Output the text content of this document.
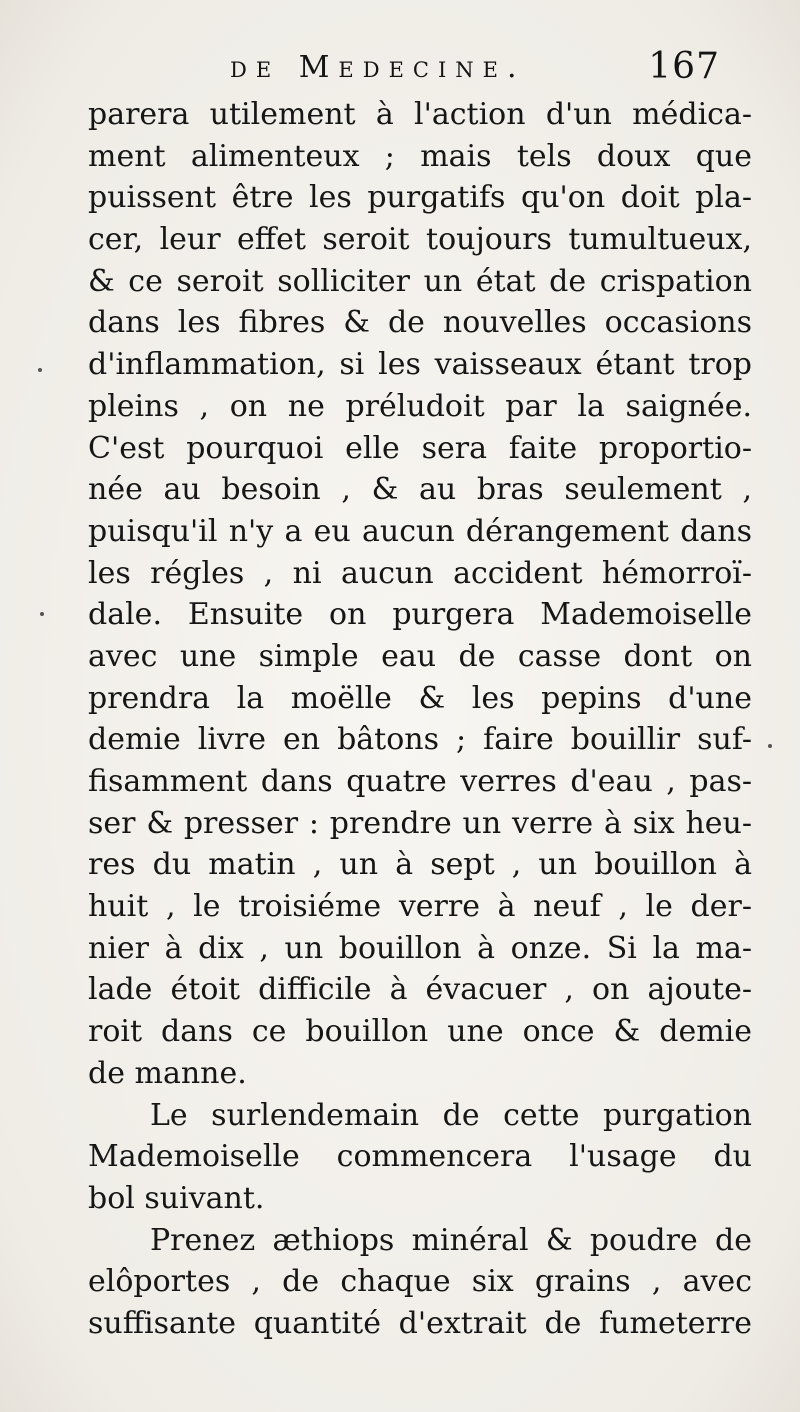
de Medecine.	167
parera utilement à l'action d'un médica-
ment alimenteux ; mais tels doux que
puissent être les purgatifs qu'on doit pla-
cer, leur effet seroit toujours tumultueux,
& ce seroit solliciter un état de crispation
dans les fibres & de nouvelles occasions
d'inflammation, si les vaisseaux étant trop
pleins , on ne préludoit par la saignée.
C'est pourquoi elle sera faite proportio-
née au besoin , & au bras seulement ,
puisqu'il n'y a eu aucun dérangement dans
les régles , ni aucun accident hémorroï-
dale. Ensuite on purgera Mademoiselle
avec une simple eau de casse dont on
prendra la moëlle & les pepins d'une
demie livre en bâtons ; faire bouillir suf-
fisamment dans quatre verres d'eau , pas-
ser & presser : prendre un verre à six heu-
res du matin , un à sept , un bouillon à
huit , le troisiéme verre à neuf , le der-
nier à dix , un bouillon à onze. Si la ma-
lade étoit difficile à évacuer , on ajoute-
roit dans ce bouillon une once & demie
de manne.
Le surlendemain de cette purgation
Mademoiselle commencera l'usage du
bol suivant.
Prenez æthiops minéral & poudre de
elôportes , de chaque six grains , avec
suffisante quantité d'extrait de fumeterre
